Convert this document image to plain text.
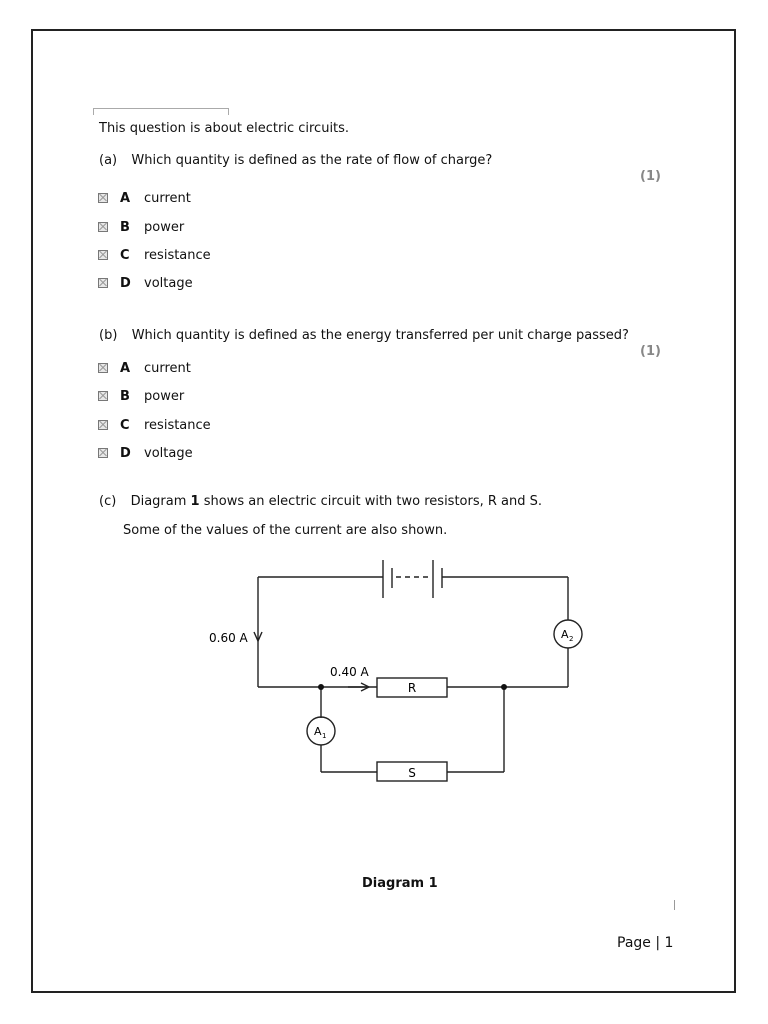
This question is about electric circuits.
(a) Which quantity is defined as the rate of flow of charge?
(1)
A	current
B	power
C	resistance
D	voltage
(b) Which quantity is defined as the energy transferred per unit charge passed?
(1)
A	current
B	power
C	resistance
D	voltage
(c) Diagram 1 shows an electric circuit with two resistors, R and S.
Some of the values of the current are also shown.
0.60 A
0.40 A
R
S
A 1
A 2
Diagram 1
Page | 1
